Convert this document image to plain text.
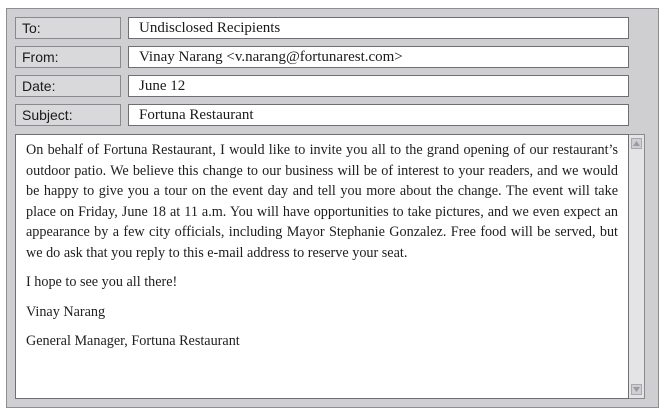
To:	Undisclosed Recipients
From:	Vinay Narang <v.narang@fortunarest.com>
Date:	June 12
Subject:	Fortuna Restaurant

On behalf of Fortuna Restaurant, I would like to invite you all to the grand opening of our restaurant’s outdoor patio. We believe this change to our business will be of interest to your readers, and we would be happy to give you a tour on the event day and tell you more about the change. The event will take place on Friday, June 18 at 11 a.m. You will have opportunities to take pictures, and we even expect an appearance by a few city officials, including Mayor Stephanie Gonzalez. Free food will be served, but we do ask that you reply to this e-mail address to reserve your seat.

I hope to see you all there!

Vinay Narang

General Manager, Fortuna Restaurant
